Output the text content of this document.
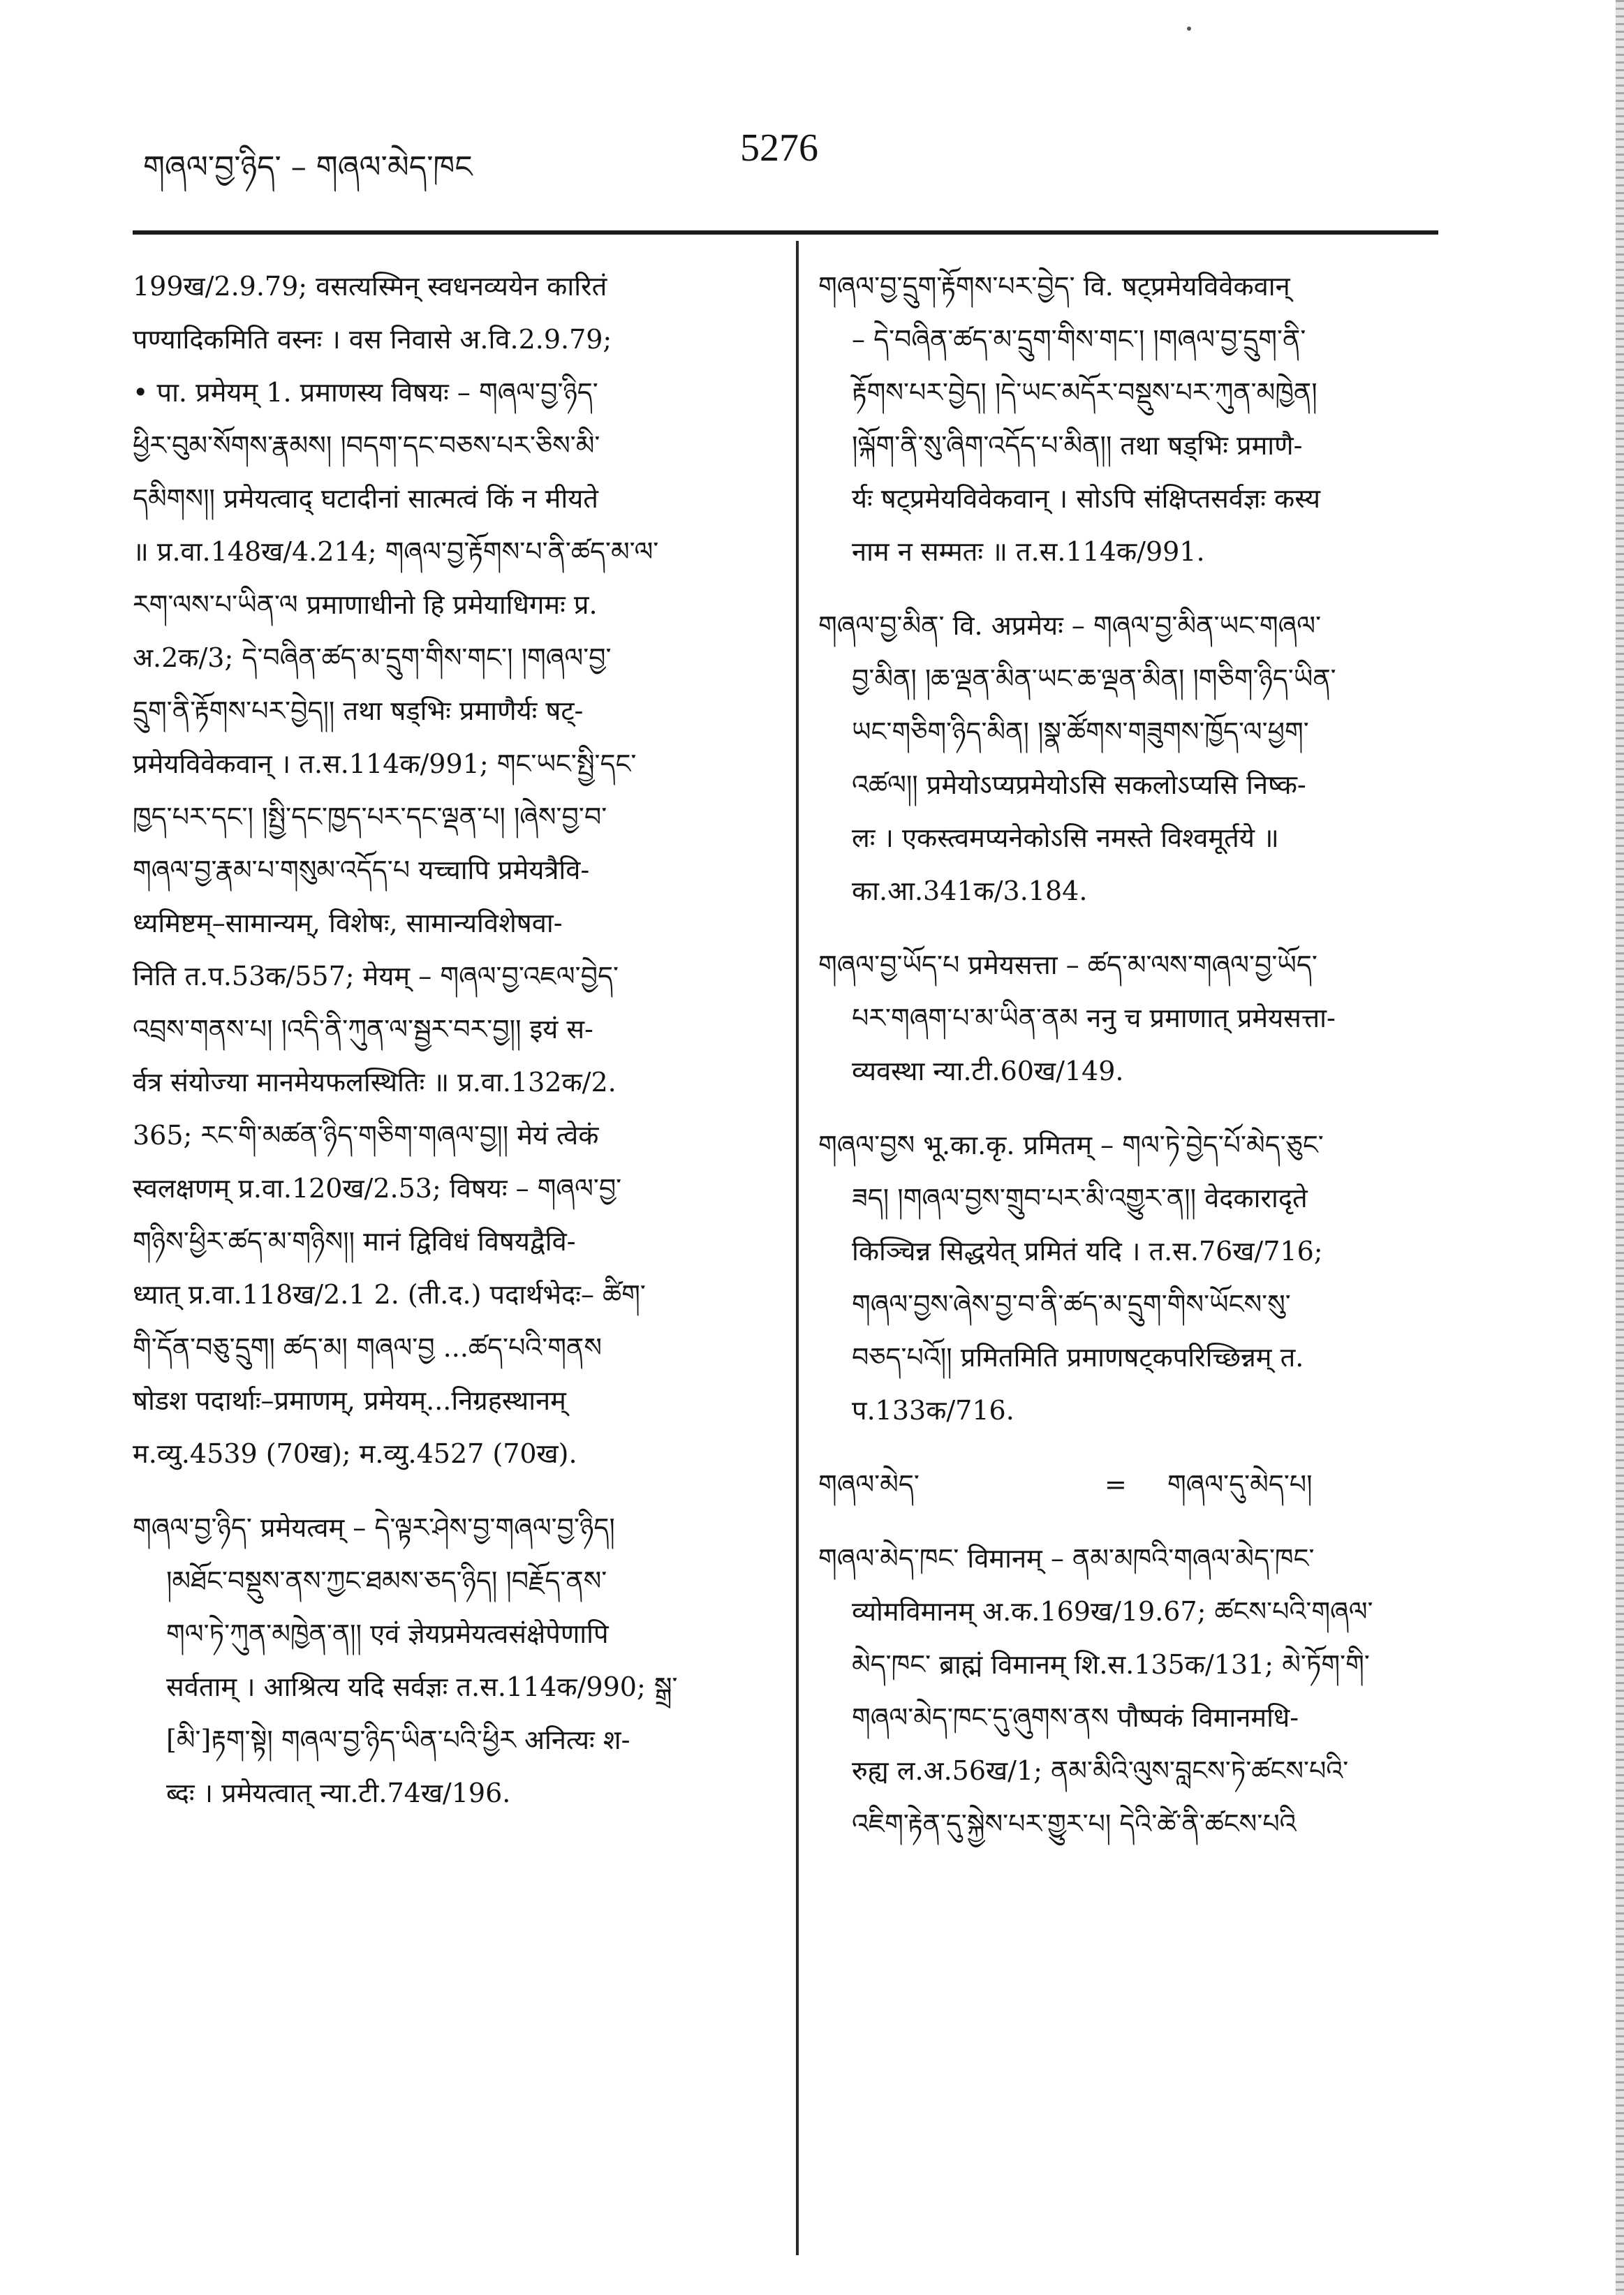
གཞལ་བྱ་ཉིད་ – གཞལ་མེད་ཁང	5276
199ख/2.9.79; वसत्यस्मिन् स्वधनव्ययेन कारितं
पण्यादिकमिति वस्नः । वस निवासे अ.वि.2.9.79;
• पा. प्रमेयम् 1. प्रमाणस्य विषयः – གཞལ་བྱ་ཉིད་
ཕྱིར་བུམ་སོགས་རྣམས། །བདག་དང་བཅས་པར་ཅིས་མི་
དམིགས།། प्रमेयत्वाद् घटादीनां सात्मत्वं किं न मीयते
॥ प्र.वा.148ख/4.214; གཞལ་བྱ་རྟོགས་པ་ནི་ཚད་མ་ལ་
རག་ལས་པ་ཡིན་ལ प्रमाणाधीनो हि प्रमेयाधिगमः प्र.
अ.2क/3; དེ་བཞིན་ཚད་མ་དྲུག་གིས་གང་། །གཞལ་བྱ་
དྲུག་ནི་རྟོགས་པར་བྱེད།། तथा षड्भिः प्रमाणैर्यः षट्-
प्रमेयविवेकवान् । त.स.114क/991; གང་ཡང་སྤྱི་དང་
ཁྱད་པར་དང་། །སྤྱི་དང་ཁྱད་པར་དང་ལྡན་པ། །ཞེས་བྱ་བ་
གཞལ་བྱ་རྣམ་པ་གསུམ་འདོད་པ यच्चापि प्रमेयत्रैवि-
ध्यमिष्टम्–सामान्यम्, विशेषः, सामान्यविशेषवा-
निति त.प.53क/557; मेयम् – གཞལ་བྱ་འཇལ་བྱེད་
འབྲས་གནས་པ། །འདི་ནི་ཀུན་ལ་སྦྱར་བར་བྱ།། इयं स-
र्वत्र संयोज्या मानमेयफलस्थितिः ॥ प्र.वा.132क/2.
365; རང་གི་མཚན་ཉིད་གཅིག་གཞལ་བྱ།། मेयं त्वेकं
स्वलक्षणम् प्र.वा.120ख/2.53; विषयः – གཞལ་བྱ་
གཉིས་ཕྱིར་ཚད་མ་གཉིས།། मानं द्विविधं विषयद्वैवि-
ध्यात् प्र.वा.118ख/2.1 2. (ती.द.) पदार्थभेदः– ཚིག་
གི་དོན་བཅུ་དྲུག། ཚད་མ། གཞལ་བྱ ...ཚད་པའི་གནས
षोडश पदार्थाः–प्रमाणम्, प्रमेयम्...निग्रहस्थानम्
म.व्यु.4539 (70ख); म.व्यु.4527 (70ख).
གཞལ་བྱ་ཉིད་ प्रमेयत्वम् – དེ་ལྟར་ཤེས་བྱ་གཞལ་བྱ་ཉིད།
།མཐོང་བསྡུས་ནས་ཀྱང་ཐམས་ཅད་ཉིད། །བརྗོད་ནས་
གལ་ཏེ་ཀུན་མཁྱེན་ན།། एवं ज्ञेयप्रमेयत्वसंक्षेपेणापि
सर्वताम् । आश्रित्य यदि सर्वज्ञः त.स.114क/990; སྒྲ་
[མི་]རྟག་སྟེ། གཞལ་བྱ་ཉིད་ཡིན་པའི་ཕྱིར अनित्यः श-
ब्दः । प्रमेयत्वात् न्या.टी.74ख/196.
གཞལ་བྱ་དྲུག་རྟོགས་པར་བྱེད་ वि. षट्प्रमेयविवेकवान्
– དེ་བཞིན་ཚད་མ་དྲུག་གིས་གང་། །གཞལ་བྱ་དྲུག་ནི་
རྟོགས་པར་བྱེད། །དེ་ཡང་མདོར་བསྡུས་པར་ཀུན་མཁྱེན།
།ལྐོག་ནི་སུ་ཞིག་འདོད་པ་མིན།། तथा षड्भिः प्रमाणै-
र्यः षट्प्रमेयविवेकवान् । सोऽपि संक्षिप्तसर्वज्ञः कस्य
नाम न सम्मतः ॥ त.स.114क/991.
གཞལ་བྱ་མིན་ वि. अप्रमेयः – གཞལ་བྱ་མིན་ཡང་གཞལ་
བྱ་མིན། །ཆ་ལྡན་མིན་ཡང་ཆ་ལྡན་མིན། །གཅིག་ཉིད་ཡིན་
ཡང་གཅིག་ཉིད་མིན། །སྣ་ཚོགས་གཟུགས་ཁྱོད་ལ་ཕྱག་
འཚལ།། प्रमेयोऽप्यप्रमेयोऽसि सकलोऽप्यसि निष्क-
लः । एकस्त्वमप्यनेकोऽसि नमस्ते विश्वमूर्तये ॥
का.आ.341क/3.184.
གཞལ་བྱ་ཡོད་པ प्रमेयसत्ता – ཚད་མ་ལས་གཞལ་བྱ་ཡོད་
པར་གཞག་པ་མ་ཡིན་ནམ ननु च प्रमाणात् प्रमेयसत्ता-
व्यवस्था न्या.टी.60ख/149.
གཞལ་བྱས भू.का.कृ. प्रमितम् – གལ་ཏེ་བྱེད་པོ་མེད་ཅུང་
ཟད། །གཞལ་བྱས་གྲུབ་པར་མི་འགྱུར་ན།། वेदकारादृते
किञ्चिन्न सिद्धयेत् प्रमितं यदि । त.स.76ख/716;
གཞལ་བྱས་ཞེས་བྱ་བ་ནི་ཚད་མ་དྲུག་གིས་ཡོངས་སུ་
བཅད་པའོ།། प्रमितमिति प्रमाणषट्कपरिच्छिन्नम् त.
प.133क/716.
གཞལ་མེད་	= གཞལ་དུ་མེད་པ།
གཞལ་མེད་ཁང་ विमानम् – ནམ་མཁའི་གཞལ་མེད་ཁང་
व्योमविमानम् अ.क.169ख/19.67; ཚངས་པའི་གཞལ་
མེད་ཁང་ ब्राह्मं विमानम् शि.स.135क/131; མེ་ཏོག་གི་
གཞལ་མེད་ཁང་དུ་ཞུགས་ནས पौष्पकं विमानमधि-
रुह्य ल.अ.56ख/1; ནམ་མིའི་ལུས་བླངས་ཏེ་ཚངས་པའི་
འཇིག་རྟེན་དུ་སྐྱེས་པར་གྱུར་པ། དེའི་ཚེ་ནི་ཚངས་པའི
